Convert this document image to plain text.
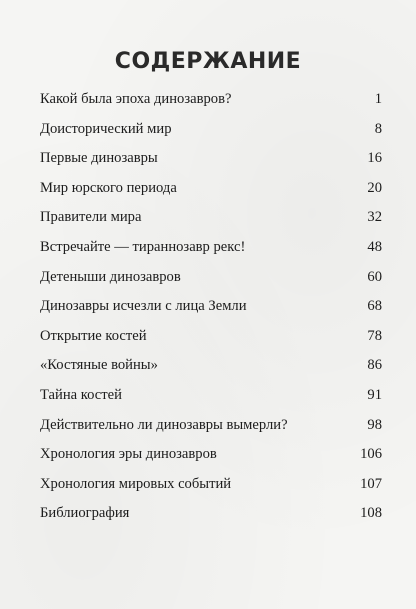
СОДЕРЖАНИЕ
Какой была эпоха динозавров?	1
Доисторический мир	8
Первые динозавры	16
Мир юрского периода	20
Правители мира	32
Встречайте — тираннозавр рекс!	48
Детеныши динозавров	60
Динозавры исчезли с лица Земли	68
Открытие костей	78
«Костяные войны»	86
Тайна костей	91
Действительно ли динозавры вымерли?	98
Хронология эры динозавров	106
Хронология мировых событий	107
Библиография	108
